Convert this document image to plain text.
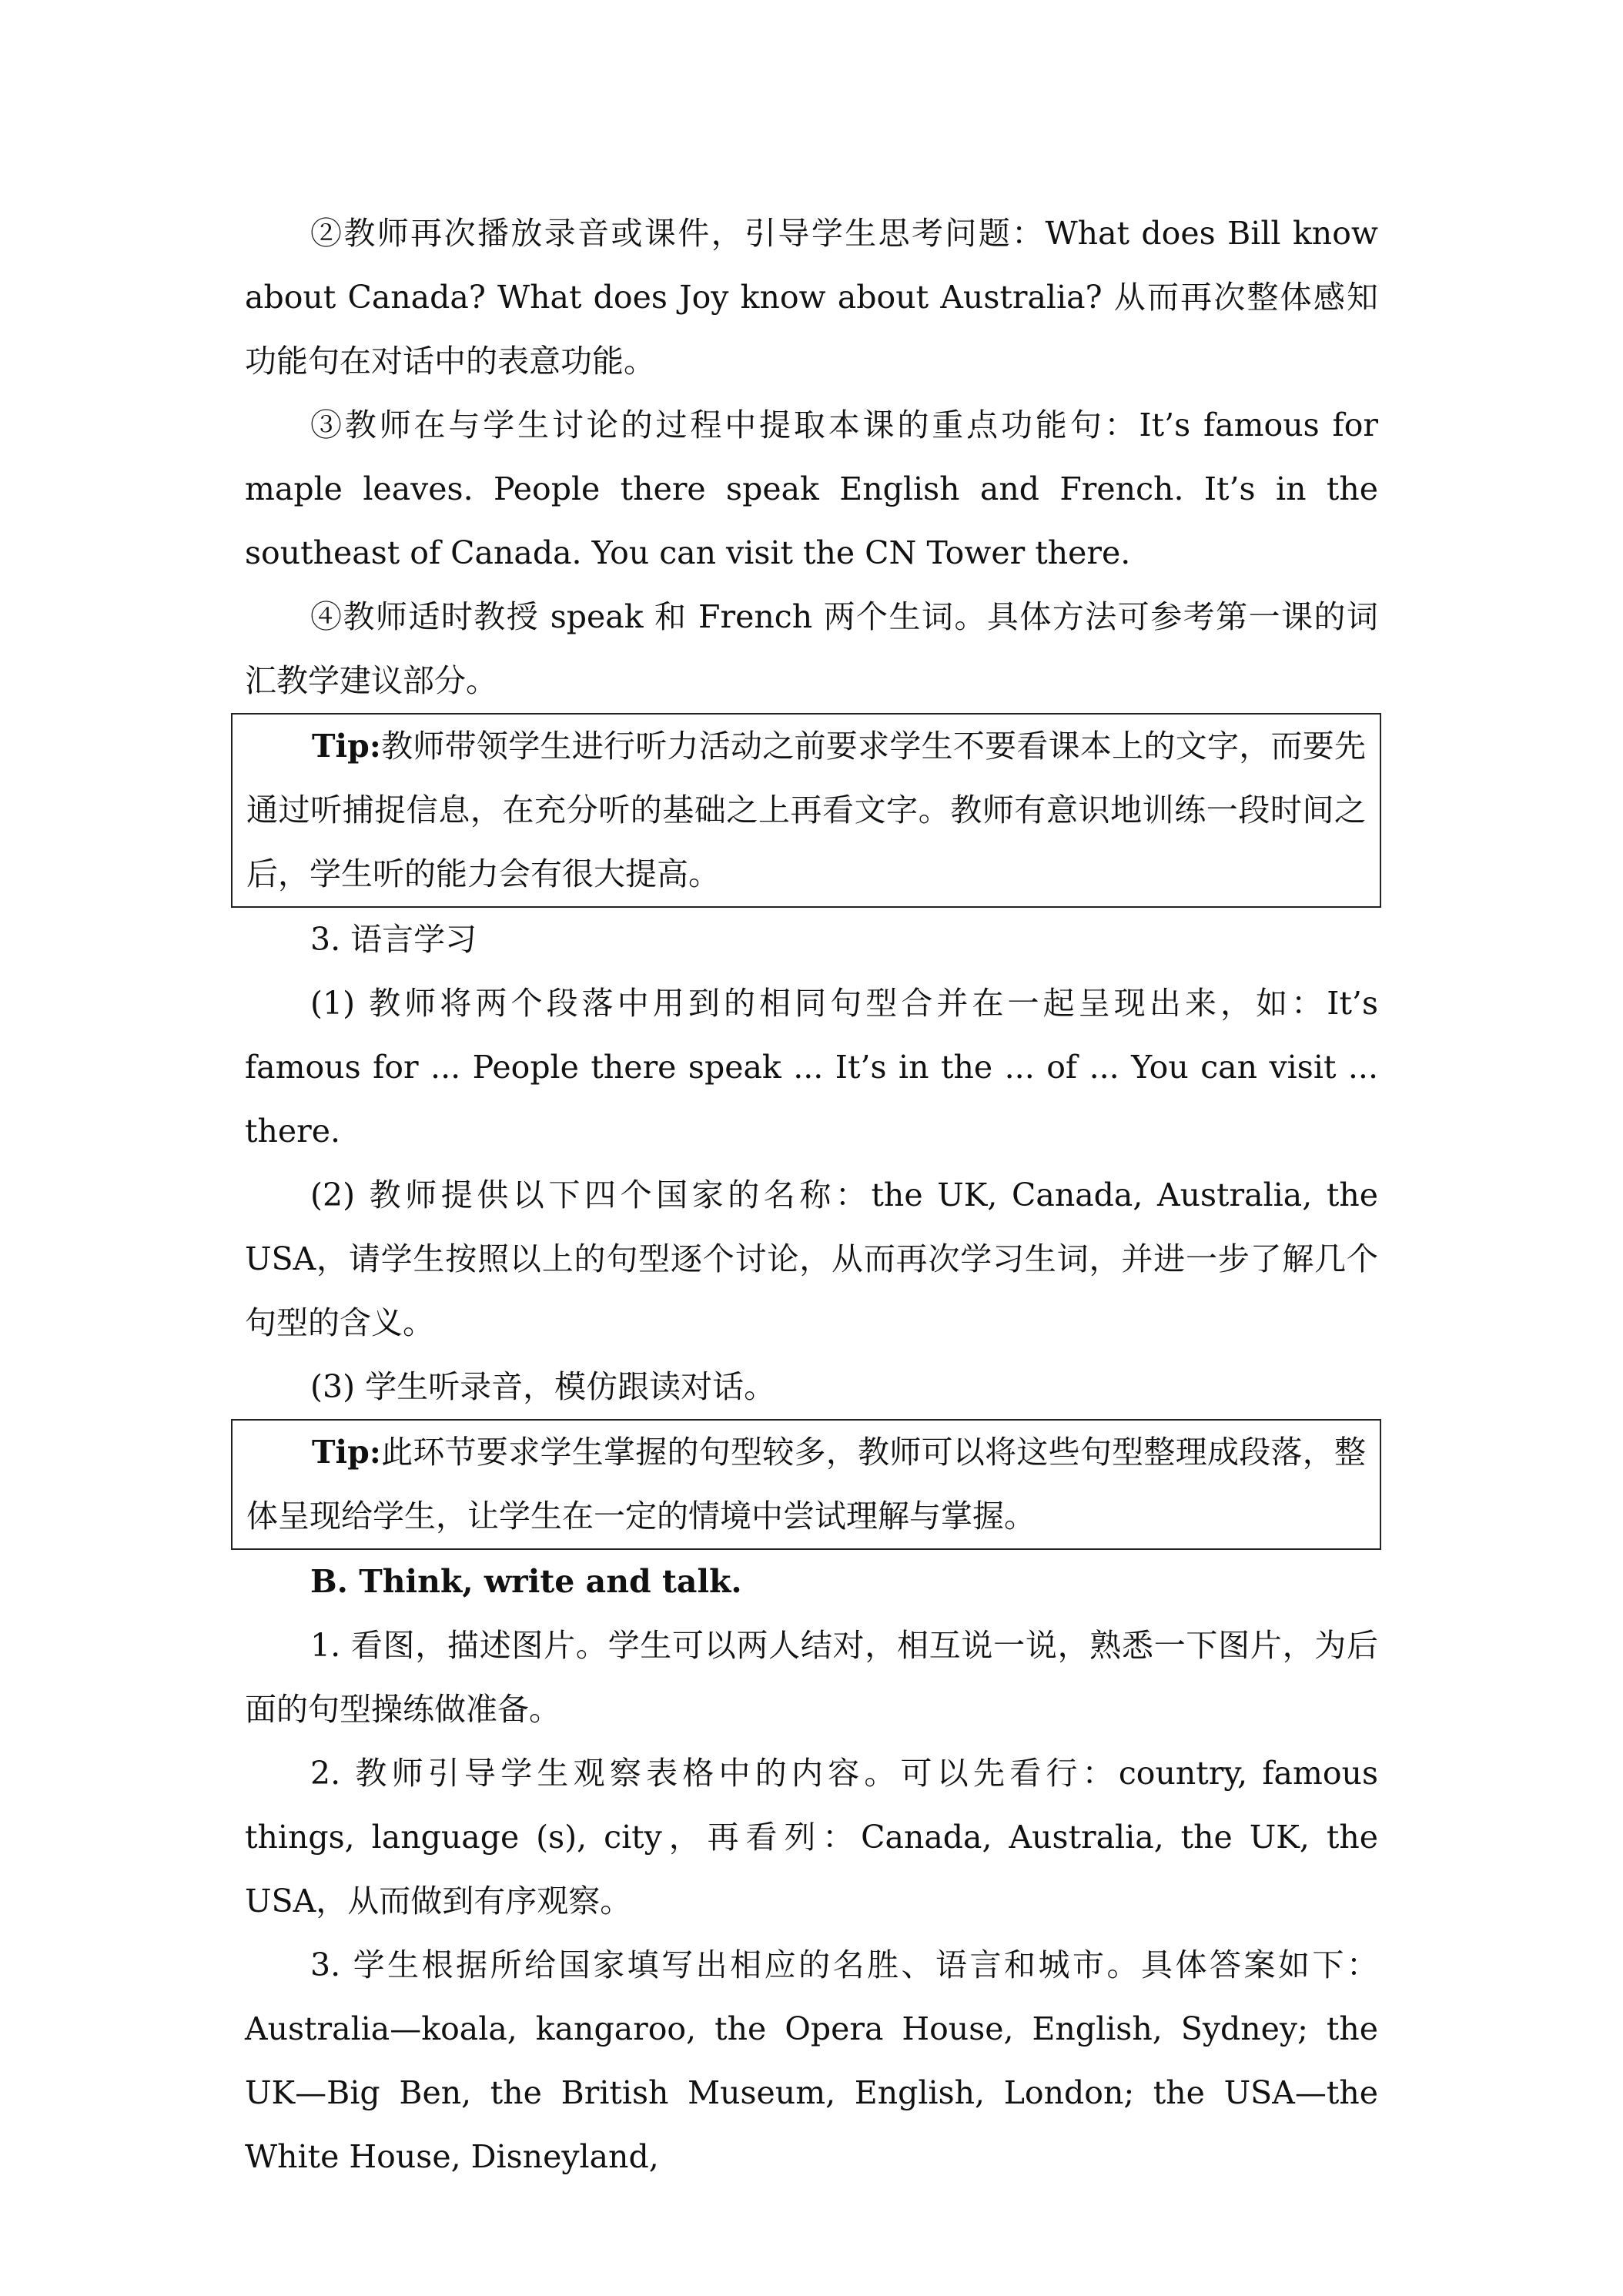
②教师再次播放录音或课件，引导学生思考问题：What does Bill know about Canada? What does Joy know about Australia? 从而再次整体感知功能句在对话中的表意功能。

③教师在与学生讨论的过程中提取本课的重点功能句：It’s famous for maple leaves. People there speak English and French. It’s in the southeast of Canada. You can visit the CN Tower there.

④教师适时教授 speak 和 French 两个生词。具体方法可参考第一课的词汇教学建议部分。

Tip:教师带领学生进行听力活动之前要求学生不要看课本上的文字，而要先通过听捕捉信息，在充分听的基础之上再看文字。教师有意识地训练一段时间之后，学生听的能力会有很大提高。

3. 语言学习

(1) 教师将两个段落中用到的相同句型合并在一起呈现出来，如：It’s famous for ... People there speak ... It’s in the ... of ... You can visit ... there.

(2) 教师提供以下四个国家的名称：the UK, Canada, Australia, the USA，请学生按照以上的句型逐个讨论，从而再次学习生词，并进一步了解几个句型的含义。

(3) 学生听录音，模仿跟读对话。

Tip:此环节要求学生掌握的句型较多，教师可以将这些句型整理成段落，整体呈现给学生，让学生在一定的情境中尝试理解与掌握。

B. Think, write and talk.

1. 看图，描述图片。学生可以两人结对，相互说一说，熟悉一下图片，为后面的句型操练做准备。

2. 教师引导学生观察表格中的内容。可以先看行：country, famous things, language (s), city，再看列：Canada, Australia, the UK, the USA，从而做到有序观察。

3. 学生根据所给国家填写出相应的名胜、语言和城市。具体答案如下：Australia—koala, kangaroo, the Opera House, English, Sydney; the UK—Big Ben, the British Museum, English, London; the USA—the White House, Disneyland,
